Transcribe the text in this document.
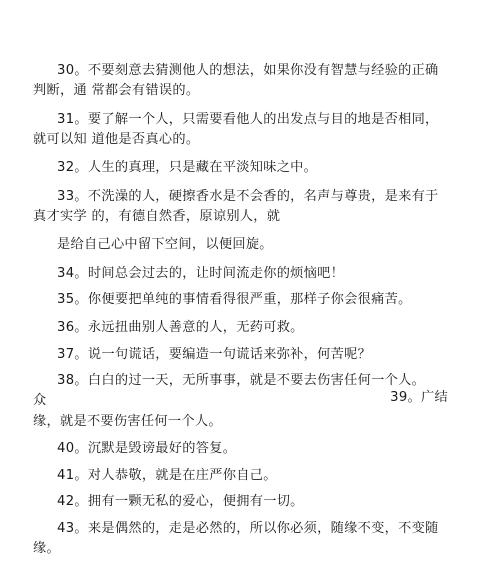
30。不要刻意去猜测他人的想法，如果你没有智慧与经验的正确
判断，通 常都会有错误的。
31。要了解一个人，只需要看他人的出发点与目的地是否相同，
就可以知 道他是否真心的。
32。人生的真理，只是藏在平淡知味之中。
33。不洗澡的人，硬擦香水是不会香的，名声与尊贵，是来有于
真才实学 的，有德自然香，原谅别人，就
是给自己心中留下空间，以便回旋。
34。时间总会过去的，让时间流走你的烦恼吧！
35。你便要把单纯的事情看得很严重，那样子你会很痛苦。
36。永远扭曲别人善意的人，无药可救。
37。说一句谎话，要编造一句谎话来弥补，何苦呢？
38。白白的过一天，无所事事，就是不要去伤害任何一个人。
39。广结
众
缘，就是不要伤害任何一个人。
40。沉默是毁谤最好的答复。
41。对人恭敬，就是在庄严你自己。
42。拥有一颗无私的爱心，便拥有一切。
43。来是偶然的，走是必然的，所以你必须，随缘不变，不变随
缘。
